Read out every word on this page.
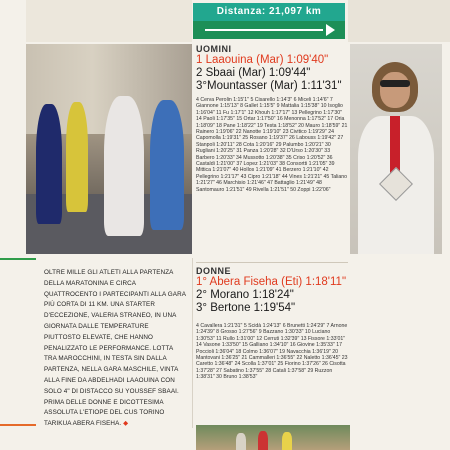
Distanza: 21,097 km

UOMINI

1 Laaouina (Mar) 1:09'40"
2 Sbaai (Mar) 1:09'44"
3°Mountasser (Mar) 1:11'31"
4 Cerva Perolin 1:15'1" 5 Cisarello 1:14'3" 6 Miceli 1:14'6" 7 Giannone 1:15'13" 8 Gallet 1:15'5" 9 Mattalia 1:15'38" 10 Isoglio 1:16'04" 11 Fu 1:17'1" 12 Khouh 1:17'17" 13 Pellegrino 1:17'30" 14 Paoli 1:17'35" 15 Ortar 1:17'50" 16 Menonna 1:17'52" 17 Oria 1:18'09" 18 Pane 1:18'22" 19 Testa 1:18'52" 20 Mauro 1:18'59" 21 Rainero 1:19'06" 22 Nanotte 1:19'10" 23 Civitico 1:19'29" 24 Capomolla 1:19'31" 25 Rosano 1:19'37" 26 Labouss 1:19'42" 27 Stanpoli 1:20'11" 28 Cota 1:20'16" 29 Palumbo 1:20'21" 30 Rugliani 1:20'25" 31 Panza 1:20'28" 32 D'Urso 1:20'30" 33 Barbero 1:20'33" 34 Mussotto 1:20'38" 35 Criso 1:20'52" 36 Castaldi 1:21'00" 37 Lopez 1:21'03" 38 Consortti 1:21'05" 39 Mittica 1:21'07" 40 Hollos 1:21'09" 41 Berzero 1:21'10" 42 Pellegrino 1:21'17" 43 Cipro 1:21'18" 44 Vines 1:21'21" 45 Taliano 1:21'27" 46 Marchisio 1:21'46" 47 Battaglio 1:21'49" 48 Santomauro 1:21'51" 49 Rivella 1:21'51" 50 Zoppi 1:22'06"

DONNE

1° Abera Fiseha (Eti) 1:18'11"
2° Morano 1:18'24"
3° Bertone 1:19'54"
4 Cavallera 1:21'31" 5 Scidà 1:24'13" 6 Brunetti 1:24'29" 7 Arnone 1:24'39" 8 Grosso 1:27'56" 9 Bazzano 1:30'33" 10 Luciano 1:30'53" 11 Rullo 1:31'00" 12 Cerruti 1:32'39" 13 Fissore 1:33'01" 14 Vasone 1:33'50" 15 Galliano 1:34'10" 16 Giovine 1:35'33" 17 Poccioli 1:36'04" 18 Colmo 1:36'07" 19 Navacchia 1:36'19" 20 Mantovani 1:36'25" 21 Cammalleri 1:36'55" 22 Naletto 1:36'45" 23 Caretto 1:36'48" 24 Scolla 1:37'01" 25 Fiorino 1:37'26" 26 Cisotta 1:37'28" 27 Sabatino 1:37'55" 28 Catali 1:37'58" 29 Ruzzon 1:38'31" 30 Bruno 1:38'53"
OLTRE MILLE GLI ATLETI ALLA PARTENZA DELLA MARATONINA E CIRCA QUATTROCENTO I PARTECIPANTI ALLA GARA PIÙ CORTA DI 11 KM. UNA STARTER D'ECCEZIONE, VALERIA STRANEO, IN UNA GIORNATA DALLE TEMPERATURE PIUTTOSTO ELEVATE, CHE HANNO PENALIZZATO LE PERFORMANCE. LOTTA TRA MAROCCHINI, IN TESTA SIN DALLA PARTENZA, NELLA GARA MASCHILE, VINTA ALLA FINE DA ABDELHADI LAAOUINA CON SOLO 4" DI DISTACCO SU YOUSSEF SBAAI. PRIMA DELLE DONNE E DICOTTESIMA ASSOLUTA L'ETIOPE DEL CUS TORINO TARIKUA ABERA FISEHA. ◆
